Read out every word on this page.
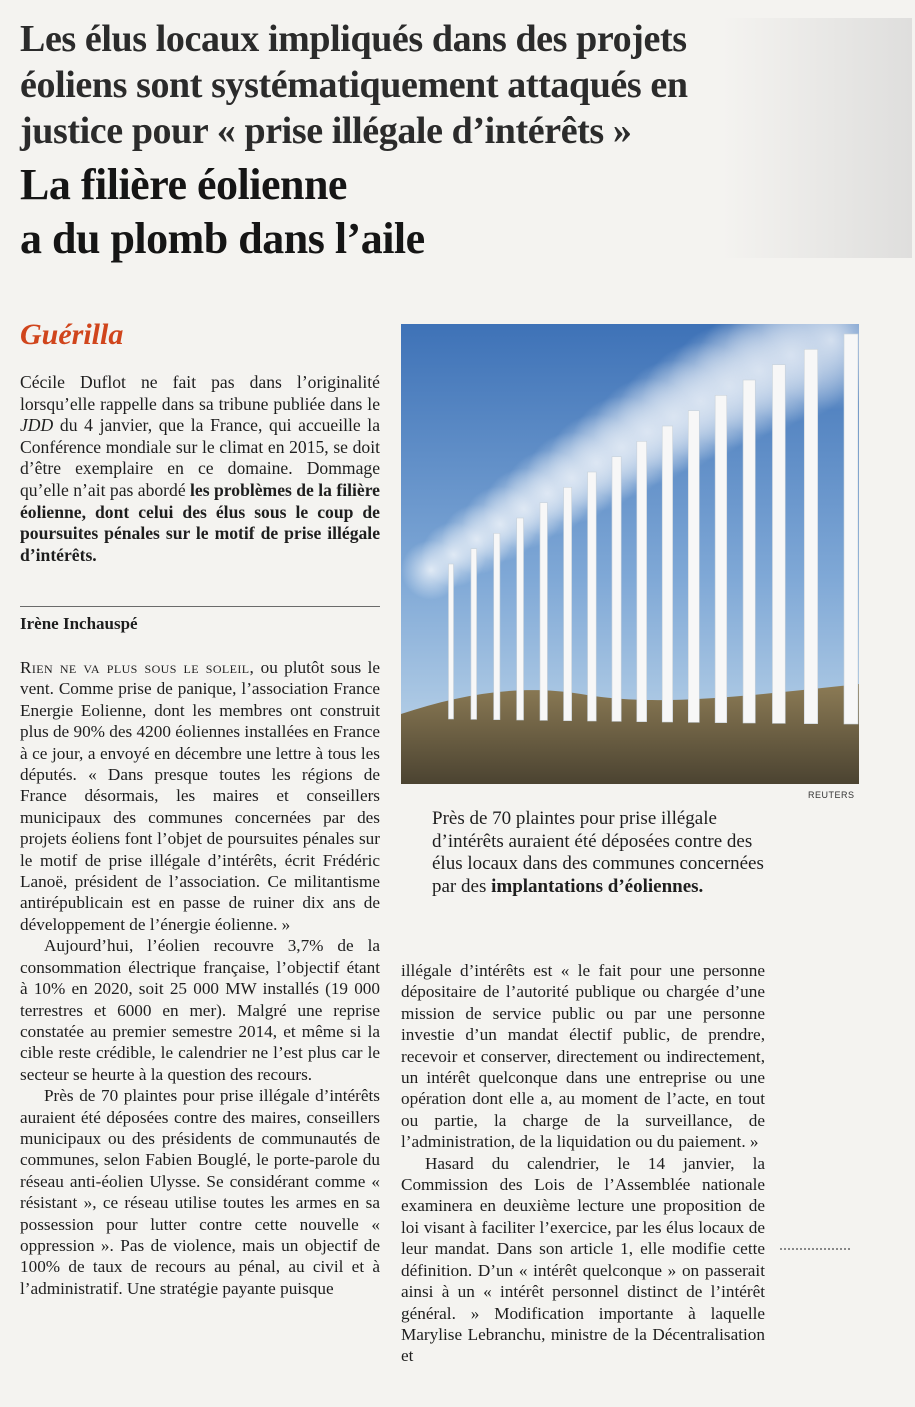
Les élus locaux impliqués dans des projets éoliens sont systématiquement attaqués en justice pour « prise illégale d’intérêts »
La filière éolienne
a du plomb dans l’aile
Guérilla

Cécile Duflot ne fait pas dans l’originalité lorsqu’elle rappelle dans sa tribune publiée dans le JDD du 4 janvier, que la France, qui accueille la Conférence mondiale sur le climat en 2015, se doit d’être exemplaire en ce domaine. Dommage qu’elle n’ait pas abordé les problèmes de la filière éolienne, dont celui des élus sous le coup de poursuites pénales sur le motif de prise illégale d’intérêts.

Irène Inchauspé

Rien ne va plus sous le soleil, ou plutôt sous le vent. Comme prise de panique, l’association France Energie Eolienne, dont les membres ont construit plus de 90% des 4200 éoliennes installées en France à ce jour, a envoyé en décembre une lettre à tous les députés. « Dans presque toutes les régions de France désormais, les maires et conseillers municipaux des communes concernées par des projets éoliens font l’objet de poursuites pénales sur le motif de prise illégale d’intérêts, écrit Frédéric Lanoë, président de l’association. Ce militantisme antirépublicain est en passe de ruiner dix ans de développement de l’énergie éolienne. »

Aujourd’hui, l’éolien recouvre 3,7% de la consommation électrique française, l’objectif étant à 10% en 2020, soit 25 000 MW installés (19 000 terrestres et 6000 en mer). Malgré une reprise constatée au premier semestre 2014, et même si la cible reste crédible, le calendrier ne l’est plus car le secteur se heurte à la question des recours.

Près de 70 plaintes pour prise illégale d’intérêts auraient été déposées contre des maires, conseillers municipaux ou des présidents de communautés de communes, selon Fabien Bouglé, le porte-parole du réseau anti-éolien Ulysse. Se considérant comme « résistant », ce réseau utilise toutes les armes en sa possession pour lutter contre cette nouvelle « oppression ». Pas de violence, mais un objectif de 100% de taux de recours au pénal, au civil et à l’administratif. Une stratégie payante puisque

REUTERS

Près de 70 plaintes pour prise illégale d’intérêts auraient été déposées contre des élus locaux dans des communes concernées par des implantations d’éoliennes.

illégale d’intérêts est « le fait pour une personne dépositaire de l’autorité publique ou chargée d’une mission de service public ou par une personne investie d’un mandat électif public, de prendre, recevoir et conserver, directement ou indirectement, un intérêt quelconque dans une entreprise ou une opération dont elle a, au moment de l’acte, en tout ou partie, la charge de la surveillance, de l’administration, de la liquidation ou du paiement. »

Hasard du calendrier, le 14 janvier, la Commission des Lois de l’Assemblée nationale examinera en deuxième lecture une proposition de loi visant à faciliter l’exercice, par les élus locaux de leur mandat. Dans son article 1, elle modifie cette définition. D’un « intérêt quelconque » on passerait ainsi à un « intérêt personnel distinct de l’intérêt général. » Modification importante à laquelle Marylise Lebranchu, ministre de la Décentralisation et
